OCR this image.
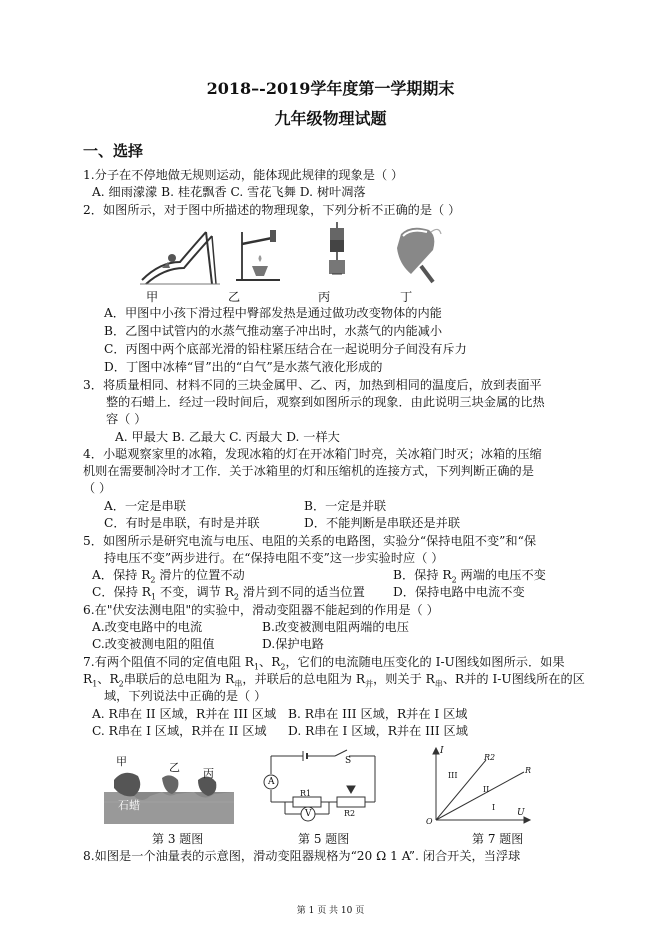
2018–-2019学年度第一学期期末
九年级物理试题
一、选择
1.分子在不停地做无规则运动，能体现此规律的现象是（ ）
A. 细雨濛濛 B. 桂花飘香 C. 雪花飞舞 D. 树叶凋落
2．如图所示，对于图中所描述的物理现象，下列分析不正确的是（ ）
甲	乙	丙	丁
A．甲图中小孩下滑过程中臀部发热是通过做功改变物体的内能
B．乙图中试管内的水蒸气推动塞子冲出时，水蒸气的内能减小
C．丙图中两个底部光滑的铅柱紧压结合在一起说明分子间没有斥力
D．丁图中冰棒“冒”出的“白气”是水蒸气液化形成的
3．将质量相同、材料不同的三块金属甲、乙、丙，加热到相同的温度后，放到表面平
整的石蜡上．经过一段时间后，观察到如图所示的现象．由此说明三块金属的比热
容（ ）
A. 甲最大 B. 乙最大 C. 丙最大 D. 一样大
4．小聪观察家里的冰箱，发现冰箱的灯在开冰箱门时亮，关冰箱门时灭；冰箱的压缩
机则在需要制冷时才工作．关于冰箱里的灯和压缩机的连接方式，下列判断正确的是
（ ）
A．一定是串联	B．一定是并联
C．有时是串联，有时是并联	D．不能判断是串联还是并联
5．如图所示是研究电流与电压、电阻的关系的电路图，实验分“保持电阻不变”和“保
持电压不变”两步进行。在“保持电阻不变”这一步实验时应（ ）
A．保持 $R_2$ 滑片的位置不动	B．保持 $R_2$ 两端的电压不变
C．保持 $R_1$ 不变，调节 $R_2$ 滑片到不同的适当位置 D．保持电路中电流不变
6.在"伏安法测电阻"的实验中，滑动变阻器不能起到的作用是（ ）
A.改变电路中的电流	B.改变被测电阻两端的电压
C.改变被测电阻的阻值	D.保护电路
7.有两个阻值不同的定值电阻 $R_1$、$R_2$，它们的电流随电压变化的 I-U图线如图所示．如果
$R_1$、$R_2$串联后的总电阻为 $R_串$，并联后的总电阻为 $R_并$，则关于 $R_串$、R并的 I-U图线所在的区
域，下列说法中正确的是（ ）
A. R串在 II 区域，R并在 III 区域 B. R串在 III 区域，R并在 I 区域
C. R串在 I 区域，R并在 II 区域 D. R串在 I 区域，R并在 III 区域
甲	乙 丙
石蜡
第 3 题图
A
V
S
R1
R2
第 5 题图
I
U
O
R2
R
III
II
I
第 7 题图
8.如图是一个油量表的示意图，滑动变阻器规格为“20 Ω 1 A”. 闭合开关，当浮球
第 1 页 共 10 页
